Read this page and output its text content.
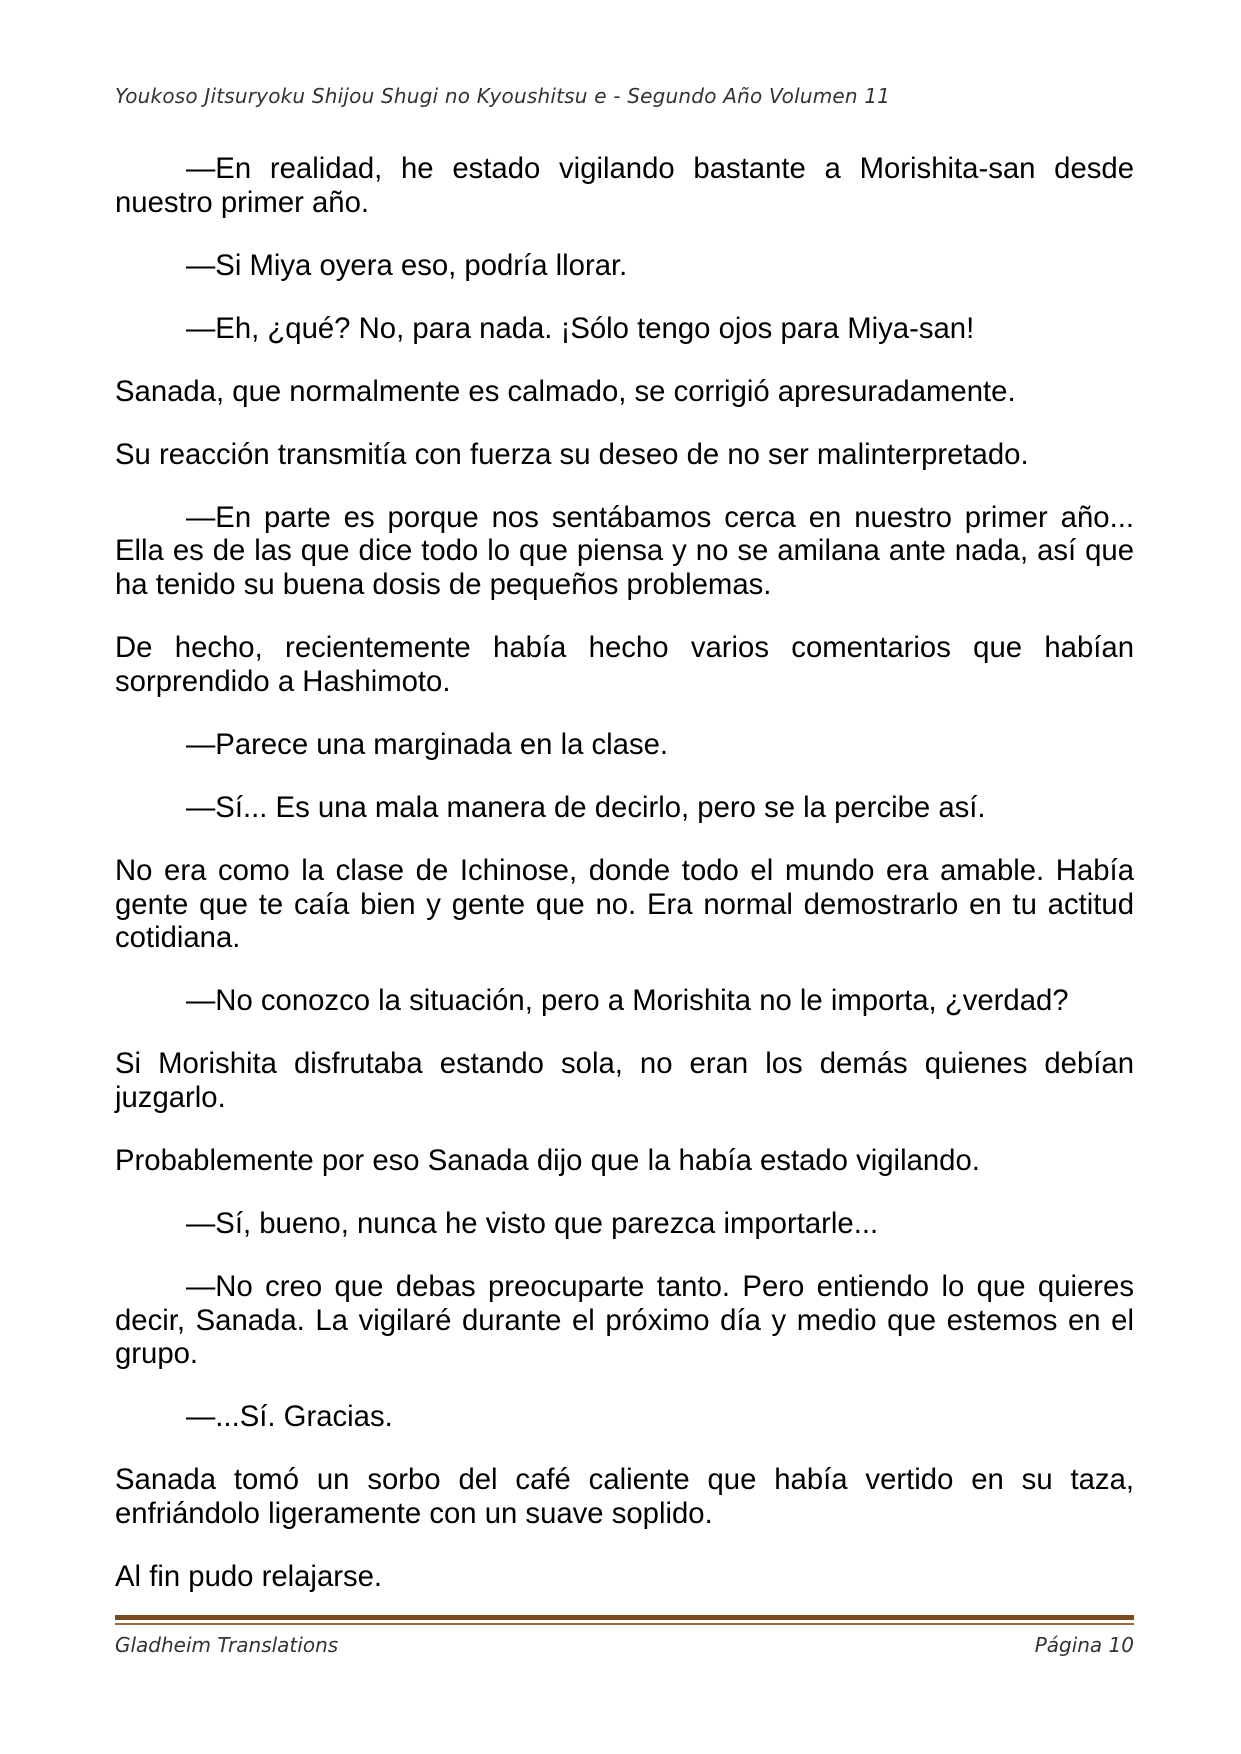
Youkoso Jitsuryoku Shijou Shugi no Kyoushitsu e - Segundo Año Volumen 11

—En realidad, he estado vigilando bastante a Morishita-san desde nuestro primer año.

—Si Miya oyera eso, podría llorar.

—Eh, ¿qué? No, para nada. ¡Sólo tengo ojos para Miya-san!

Sanada, que normalmente es calmado, se corrigió apresuradamente.

Su reacción transmitía con fuerza su deseo de no ser malinterpretado.

—En parte es porque nos sentábamos cerca en nuestro primer año... Ella es de las que dice todo lo que piensa y no se amilana ante nada, así que ha tenido su buena dosis de pequeños problemas.

De hecho, recientemente había hecho varios comentarios que habían sorprendido a Hashimoto.

—Parece una marginada en la clase.

—Sí... Es una mala manera de decirlo, pero se la percibe así.

No era como la clase de Ichinose, donde todo el mundo era amable. Había gente que te caía bien y gente que no. Era normal demostrarlo en tu actitud cotidiana.

—No conozco la situación, pero a Morishita no le importa, ¿verdad?

Si Morishita disfrutaba estando sola, no eran los demás quienes debían juzgarlo.

Probablemente por eso Sanada dijo que la había estado vigilando.

—Sí, bueno, nunca he visto que parezca importarle...

—No creo que debas preocuparte tanto. Pero entiendo lo que quieres decir, Sanada. La vigilaré durante el próximo día y medio que estemos en el grupo.

—...Sí. Gracias.

Sanada tomó un sorbo del café caliente que había vertido en su taza, enfriándolo ligeramente con un suave soplido.

Al fin pudo relajarse.

Gladheim Translations	Página 10
